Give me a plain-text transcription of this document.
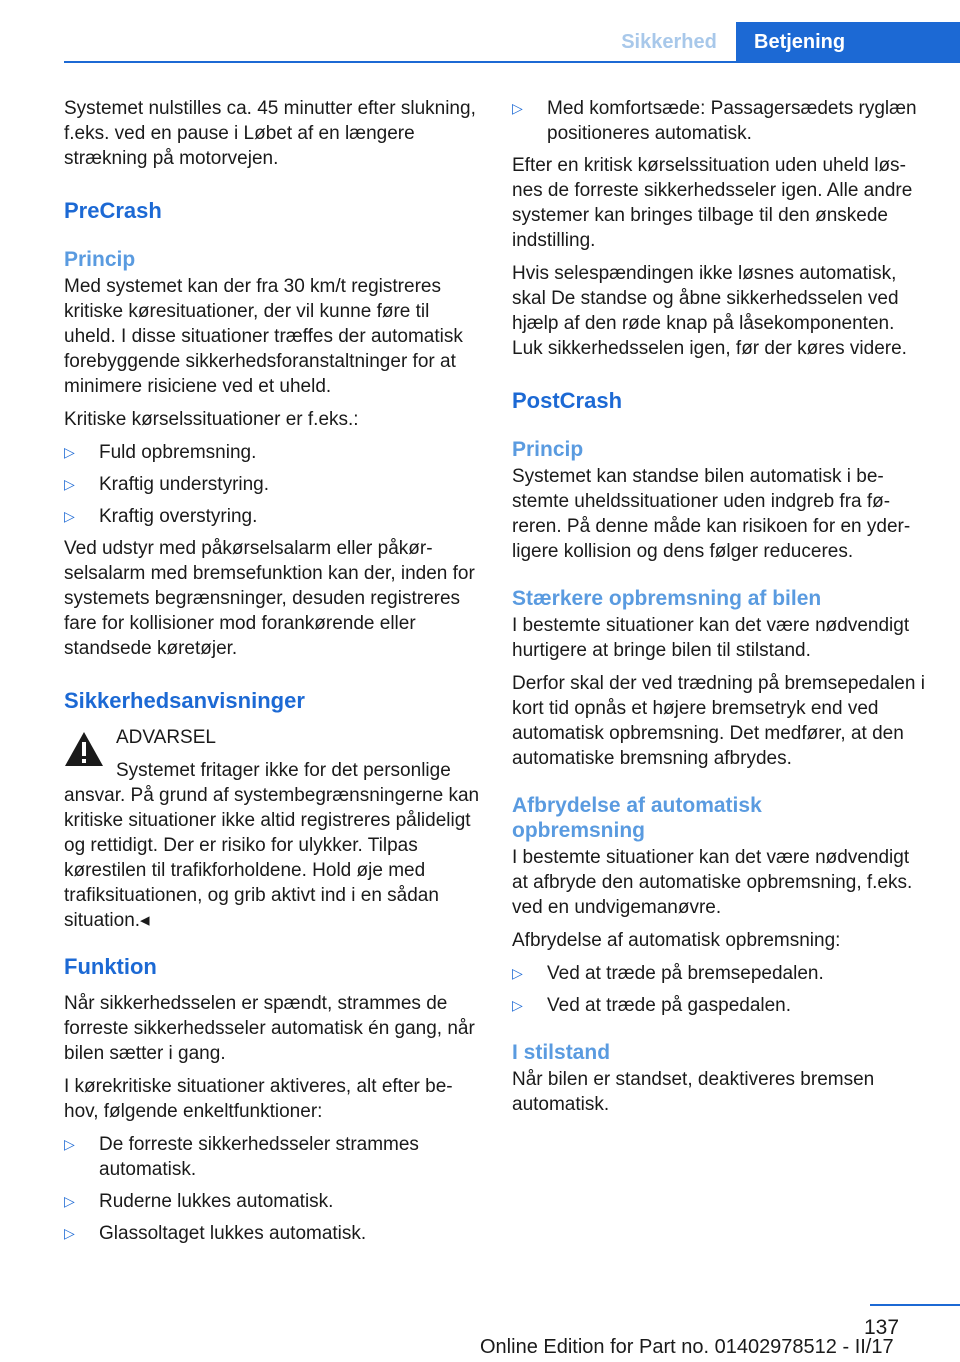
Sikkerhed	Betjening

Systemet nulstilles ca. 45 minutter efter slukning, f.eks. ved en pause i Løbet af en længere strækning på motorvejen.

PreCrash
Princip

Med systemet kan der fra 30 km/t registreres kritiske køresituationer, der vil kunne føre til uheld. I disse situationer træffes der automatisk forebyggende sikkerhedsforanstaltninger for at minimere risiciene ved et uheld.

Kritiske kørselssituationer er f.eks.:

▷ Fuld opbremsning.
▷ Kraftig understyring.
▷ Kraftig overstyring.

Ved udstyr med påkørselsalarm eller påkørselsalarm med bremsefunktion kan der, inden for systemets begrænsninger, desuden registreres fare for kollisioner mod forankørende eller standsede køretøjer.

Sikkerhedsanvisninger

ADVARSEL

Systemet fritager ikke for det personlige ansvar. På grund af systembegrænsningerne kan kritiske situationer ikke altid registreres pålideligt og rettidigt. Der er risiko for ulykker. Tilpas kørestilen til trafikforholdene. Hold øje med trafiksituationen, og grib aktivt ind i en sådan situation.◂

Funktion

Når sikkerhedsselen er spændt, strammes de forreste sikkerhedsseler automatisk én gang, når bilen sætter i gang.

I kørekritiske situationer aktiveres, alt efter behov, følgende enkeltfunktioner:

▷ De forreste sikkerhedsseler strammes automatisk.
▷ Ruderne lukkes automatisk.
▷ Glassoltaget lukkes automatisk.
▷ Med komfortsæde: Passagersædets ryglæn positioneres automatisk.

Efter en kritisk kørselssituation uden uheld løsnes de forreste sikkerhedsseler igen. Alle andre systemer kan bringes tilbage til den ønskede indstilling.

Hvis selespændingen ikke løsnes automatisk, skal De standse og åbne sikkerhedsselen ved hjælp af den røde knap på låsekomponenten. Luk sikkerhedsselen igen, før der køres videre.

PostCrash
Princip

Systemet kan standse bilen automatisk i bestemte uheldssituationer uden indgreb fra føreren. På denne måde kan risikoen for en yderligere kollision og dens følger reduceres.

Stærkere opbremsning af bilen

I bestemte situationer kan det være nødvendigt hurtigere at bringe bilen til stilstand.

Derfor skal der ved trædning på bremsepedalen i kort tid opnås et højere bremsetryk end ved automatisk opbremsning. Det medfører, at den automatiske bremsning afbrydes.

Afbrydelse af automatisk opbremsning

I bestemte situationer kan det være nødvendigt at afbryde den automatiske opbremsning, f.eks. ved en undvigemanøvre.

Afbrydelse af automatisk opbremsning:

▷ Ved at træde på bremsepedalen.
▷ Ved at træde på gaspedalen.
I stilstand

Når bilen er standset, deaktiveres bremsen automatisk.

137
Online Edition for Part no. 01402978512 - II/17
